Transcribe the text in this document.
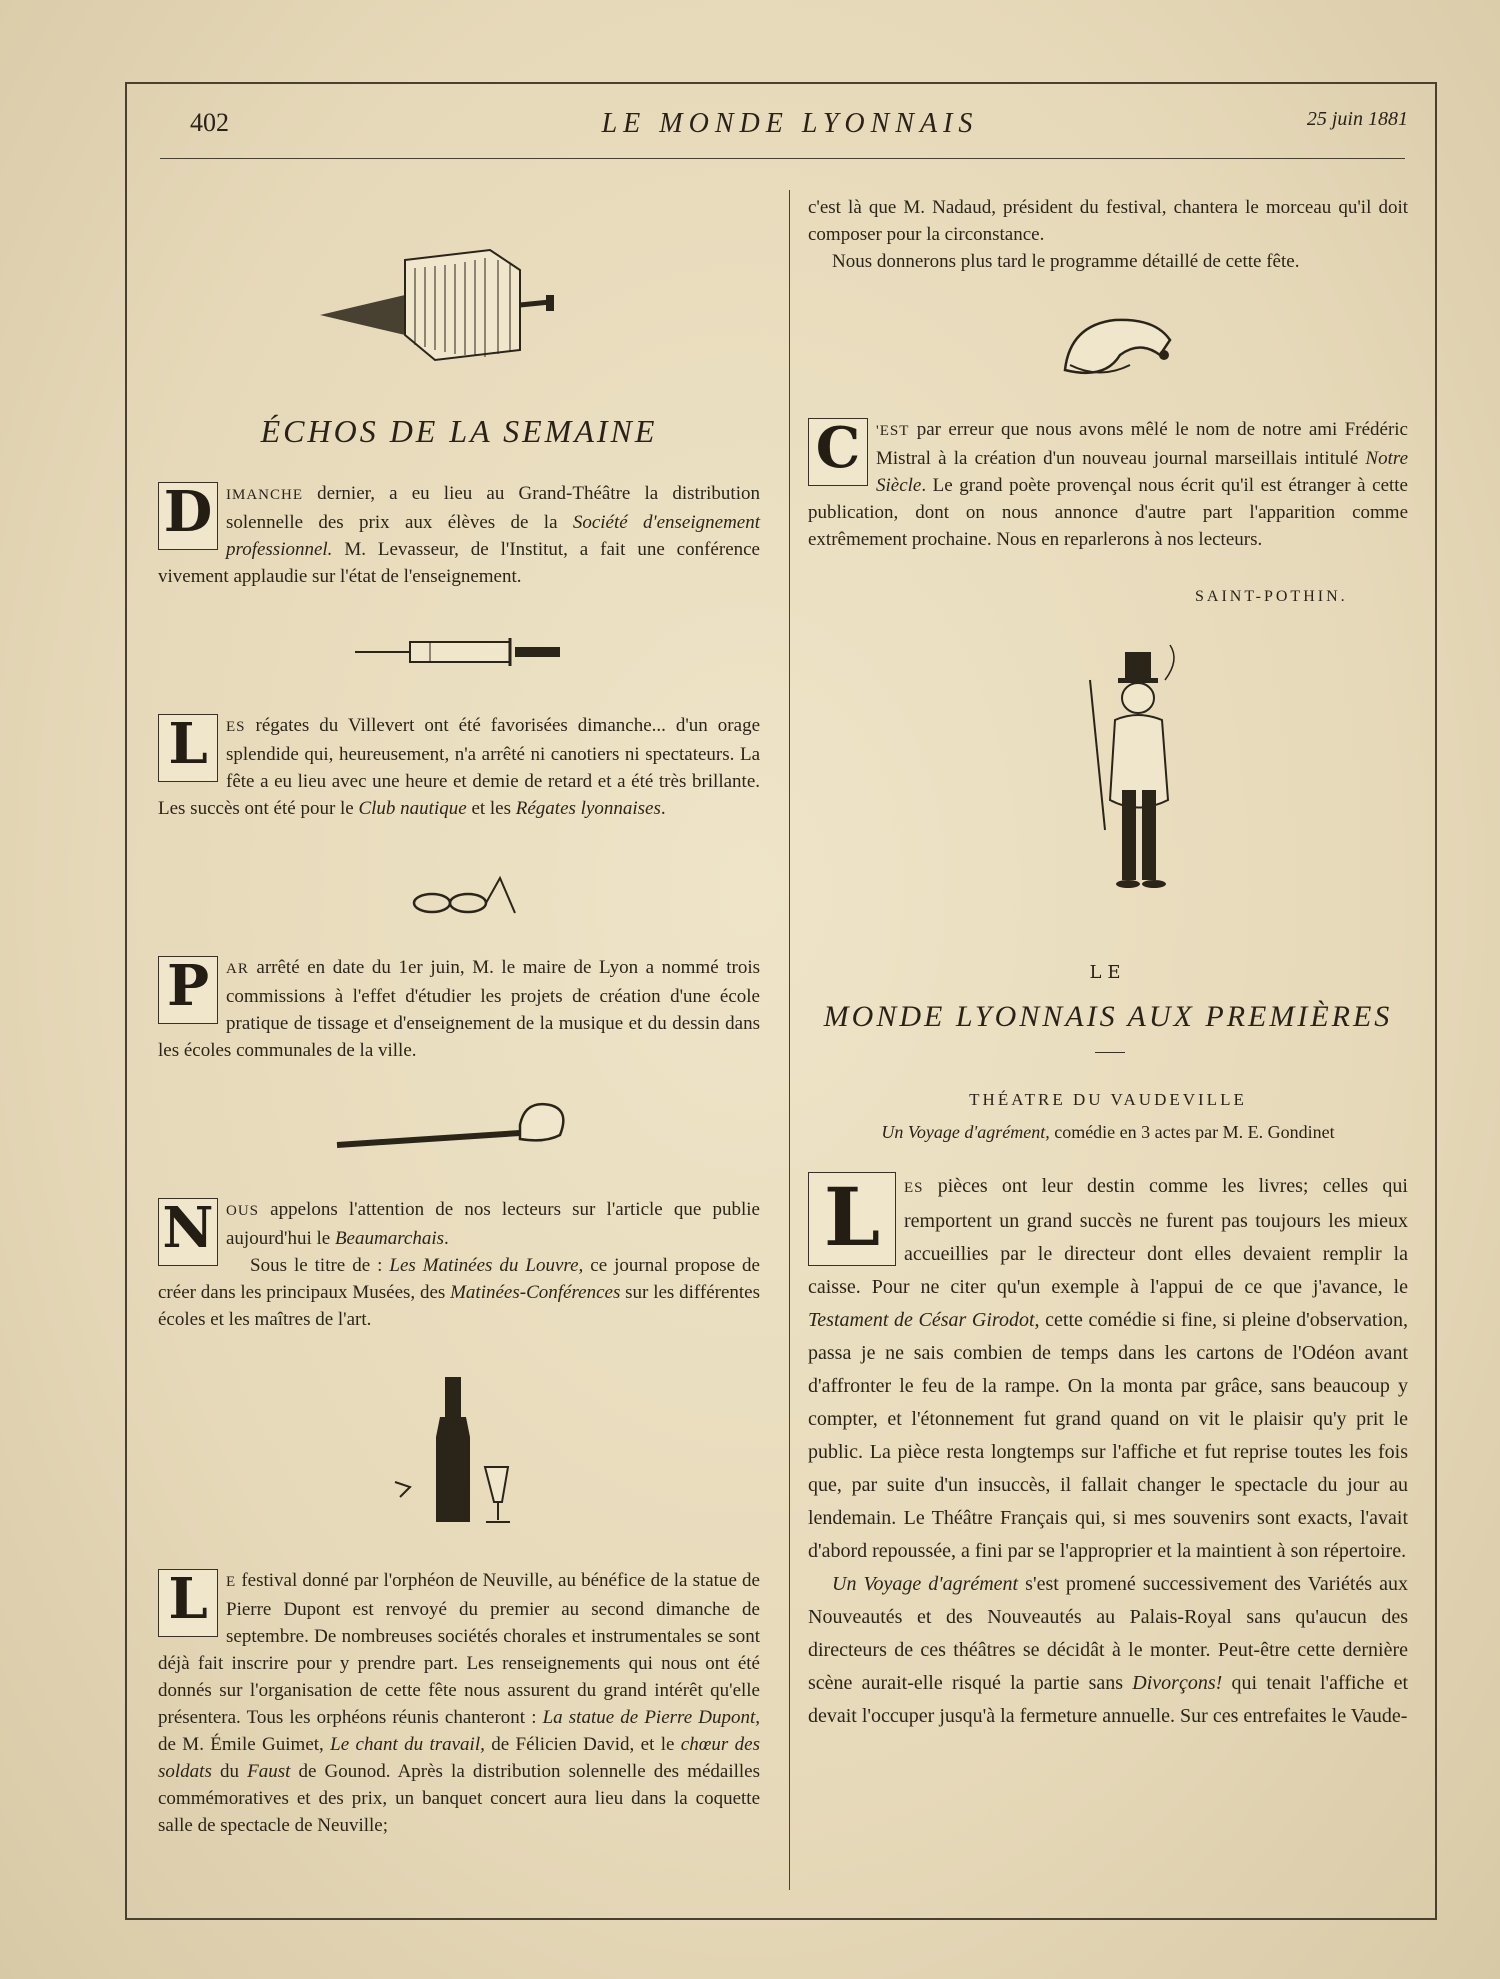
402	LE MONDE LYONNAIS	25 juin 1881
ÉCHOS DE LA SEMAINE

D IMANCHE dernier, a eu lieu au Grand-Théâtre la distribution solennelle des prix aux élèves de la Société d'enseignement professionnel. M. Levasseur, de l'Institut, a fait une conférence vivement applaudie sur l'état de l'enseignement.

L	ES régates du Villevert ont été favorisées dimanche... d'un orage splendide qui, heureusement, n'a arrêté ni canotiers ni spectateurs. La fête a eu lieu avec une heure et demie de retard et a été très brillante. Les succès ont été pour le Club nautique et les Régates lyonnaises.

P	AR arrêté en date du 1er juin, M. le maire de Lyon a nommé trois commissions à l'effet d'étudier les projets de création d'une école pratique de tissage et d'enseignement de la musique et du dessin dans les écoles communales de la ville.

N OUS appelons l'attention de nos lecteurs sur l'article que publie aujourd'hui le Beaumarchais.

Sous le titre de : Les Matinées du Louvre, ce journal propose de créer dans les principaux Musées, des Matinées-Conférences sur les différentes écoles et les maîtres de l'art.

L	E festival donné par l'orphéon de Neuville, au bénéfice de la statue de Pierre Dupont est renvoyé du premier au second dimanche de septembre. De nombreuses sociétés chorales et instrumentales se sont déjà fait inscrire pour y prendre part. Les renseignements qui nous ont été donnés sur l'organisation de cette fête nous assurent du grand intérêt qu'elle présentera. Tous les orphéons réunis chanteront : La statue de Pierre Dupont, de M. Émile Guimet, Le chant du travail, de Félicien David, et le chœur des soldats du Faust de Gounod. Après la distribution solennelle des médailles commémoratives et des prix, un banquet concert aura lieu dans la coquette salle de spectacle de Neuville;

c'est là que M. Nadaud, président du festival, chantera le morceau qu'il doit composer pour la circonstance.

Nous donnerons plus tard le programme détaillé de cette fête.

C	'EST par erreur que nous avons mêlé le nom de notre ami Frédéric Mistral à la création d'un nouveau journal marseillais intitulé Notre Siècle. Le grand poète provençal nous écrit qu'il est étranger à cette publication, dont on nous annonce d'autre part l'apparition comme extrêmement prochaine. Nous en reparlerons à nos lecteurs.

SAINT-POTHIN.
LE
MONDE LYONNAIS AUX PREMIÈRES
THÉATRE DU VAUDEVILLE
Un Voyage d'agrément, comédie en 3 actes par M. E. Gondinet

L	ES pièces ont leur destin comme les livres; celles qui remportent un grand succès ne furent pas toujours les mieux accueillies par le directeur dont elles devaient remplir la caisse. Pour ne citer qu'un exemple à l'appui de ce que j'avance, le Testament de César Girodot, cette comédie si fine, si pleine d'observation, passa je ne sais combien de temps dans les cartons de l'Odéon avant d'affronter le feu de la rampe. On la monta par grâce, sans beaucoup y compter, et l'étonnement fut grand quand on vit le plaisir qu'y prit le public. La pièce resta longtemps sur l'affiche et fut reprise toutes les fois que, par suite d'un insuccès, il fallait changer le spectacle du jour au lendemain. Le Théâtre Français qui, si mes souvenirs sont exacts, l'avait d'abord repoussée, a fini par se l'approprier et la maintient à son répertoire.

Un Voyage d'agrément s'est promené successivement des Variétés aux Nouveautés et des Nouveautés au Palais-Royal sans qu'aucun des directeurs de ces théâtres se décidât à le monter. Peut-être cette dernière scène aurait-elle risqué la partie sans Divorçons! qui tenait l'affiche et devait l'occuper jusqu'à la fermeture annuelle. Sur ces entrefaites le Vaude-
